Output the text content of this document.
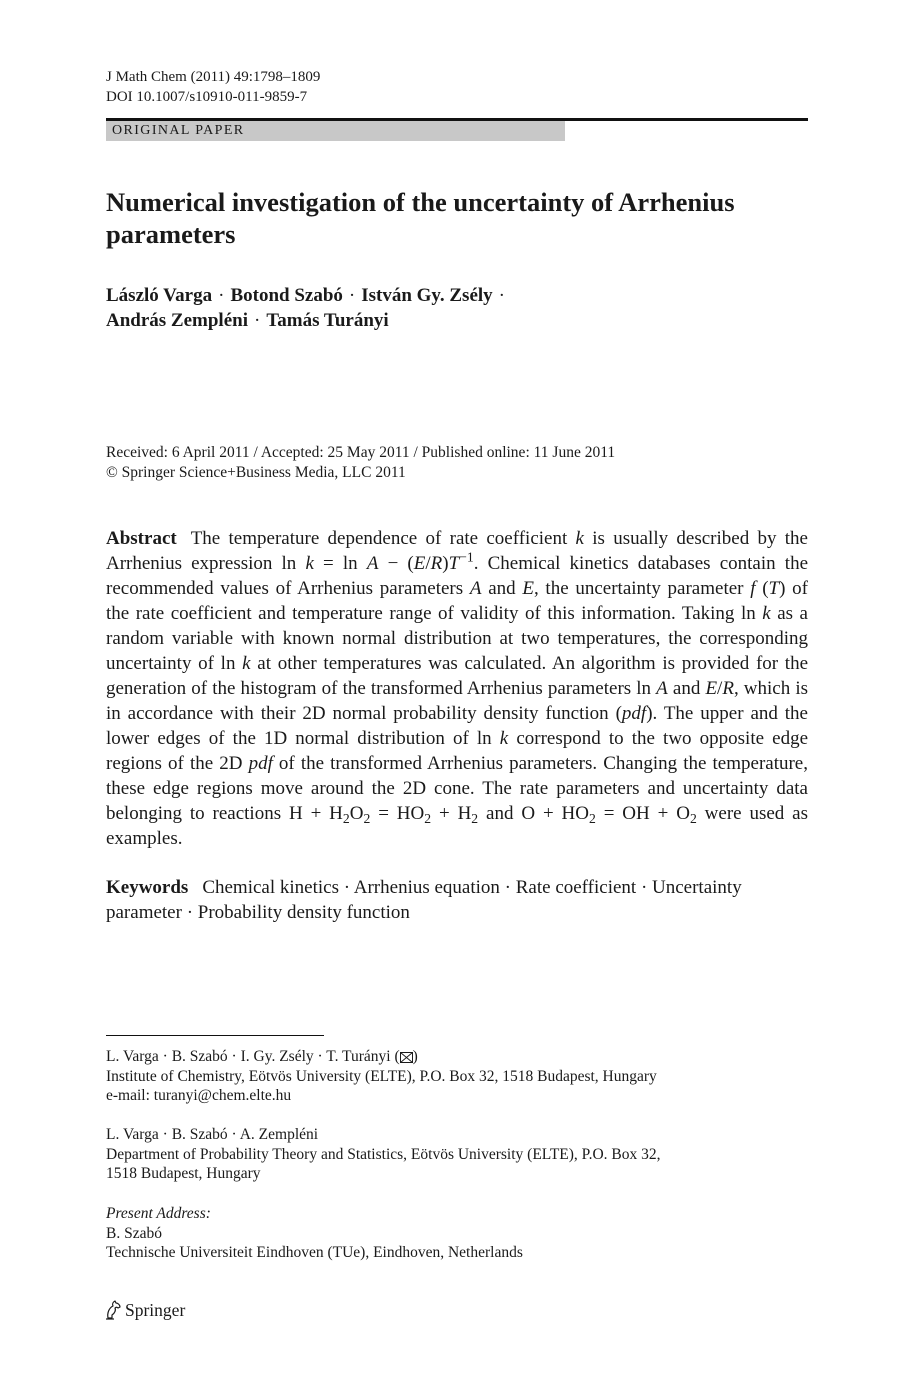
J Math Chem (2011) 49:1798–1809
DOI 10.1007/s10910-011-9859-7
ORIGINAL PAPER
Numerical investigation of the uncertainty of Arrhenius parameters
László Varga · Botond Szabó · István Gy. Zsély ·
András Zempléni · Tamás Turányi
Received: 6 April 2011 / Accepted: 25 May 2011 / Published online: 11 June 2011
© Springer Science+Business Media, LLC 2011
Abstract The temperature dependence of rate coefficient k is usually described by the Arrhenius expression $\ln k = \ln A - (E/R)T^{-1}$. Chemical kinetics databases contain the recommended values of Arrhenius parameters A and E, the uncertainty parameter f (T) of the rate coefficient and temperature range of validity of this information. Taking ln k as a random variable with known normal distribution at two temperatures, the corresponding uncertainty of ln k at other temperatures was calculated. An algorithm is provided for the generation of the histogram of the transformed Arrhenius parameters ln A and E/R, which is in accordance with their 2D normal probability density function (pdf). The upper and the lower edges of the 1D normal distribution of ln k correspond to the two opposite edge regions of the 2D pdf of the transformed Arrhenius parameters. Changing the temperature, these edge regions move around the 2D cone. The rate parameters and uncertainty data belonging to reactions $H + H_2O_2 = HO_2 + H_2$ and $O + HO_2$ = OH + $O_2$ were used as examples.
Keywords Chemical kinetics · Arrhenius equation · Rate coefficient · Uncertainty parameter · Probability density function
L. Varga · B. Szabó · I. Gy. Zsély · T. Turányi ( )
Institute of Chemistry, Eötvös University (ELTE), P.O. Box 32, 1518 Budapest, Hungary
e-mail: turanyi@chem.elte.hu
L. Varga · B. Szabó · A. Zempléni
Department of Probability Theory and Statistics, Eötvös University (ELTE), P.O. Box 32,
1518 Budapest, Hungary
Present Address:
B. Szabó
Technische Universiteit Eindhoven (TUe), Eindhoven, Netherlands
Springer
